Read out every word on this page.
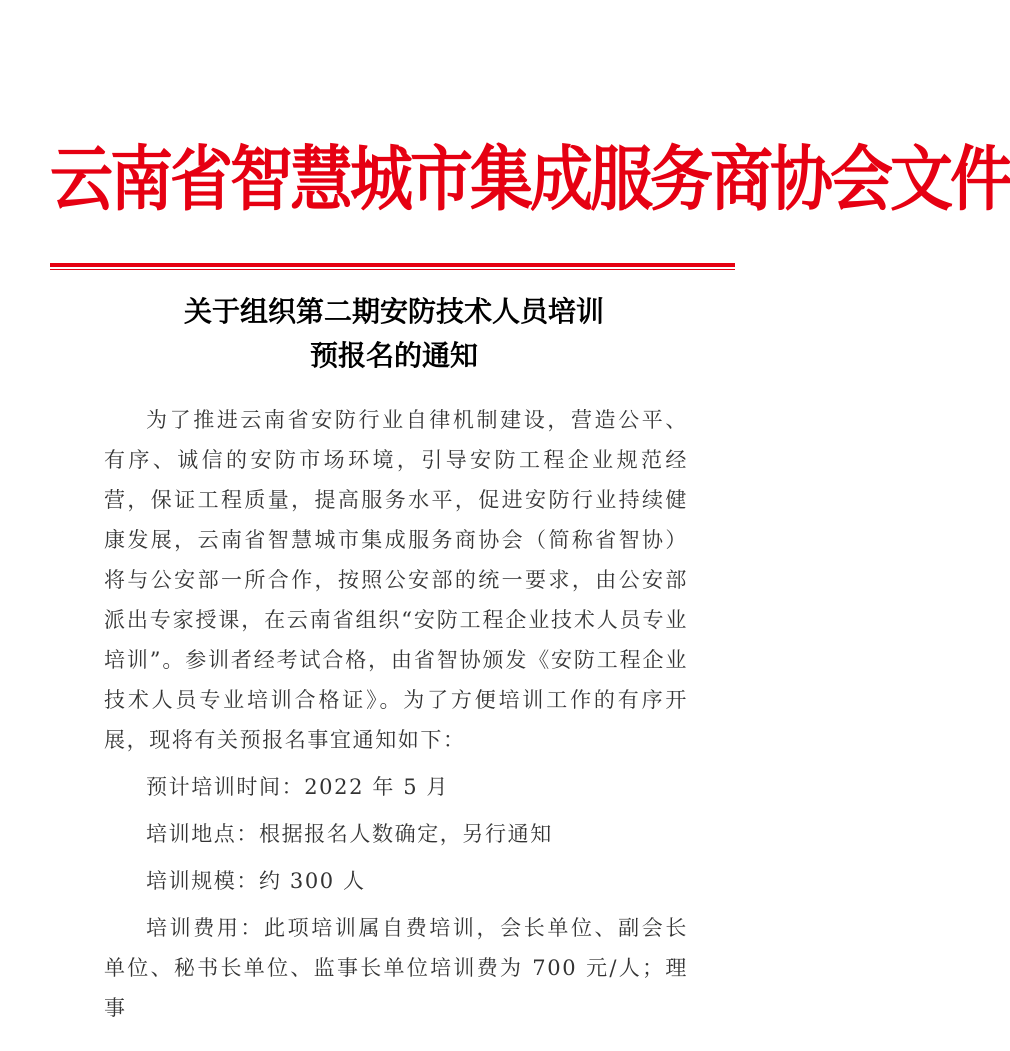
云南省智慧城市集成服务商协会文件
关于组织第二期安防技术人员培训
预报名的通知

为了推进云南省安防行业自律机制建设，营造公平、有序、诚信的安防市场环境，引导安防工程企业规范经营，保证工程质量，提高服务水平，促进安防行业持续健康发展，云南省智慧城市集成服务商协会（简称省智协）将与公安部一所合作，按照公安部的统一要求，由公安部派出专家授课，在云南省组织“安防工程企业技术人员专业培训”。参训者经考试合格，由省智协颁发《安防工程企业技术人员专业培训合格证》。为了方便培训工作的有序开展，现将有关预报名事宜通知如下：

预计培训时间：2022 年 5 月

培训地点：根据报名人数确定，另行通知

培训规模：约 300 人

培训费用：此项培训属自费培训，会长单位、副会长单位、秘书长单位、监事长单位培训费为 700 元/人；理事
